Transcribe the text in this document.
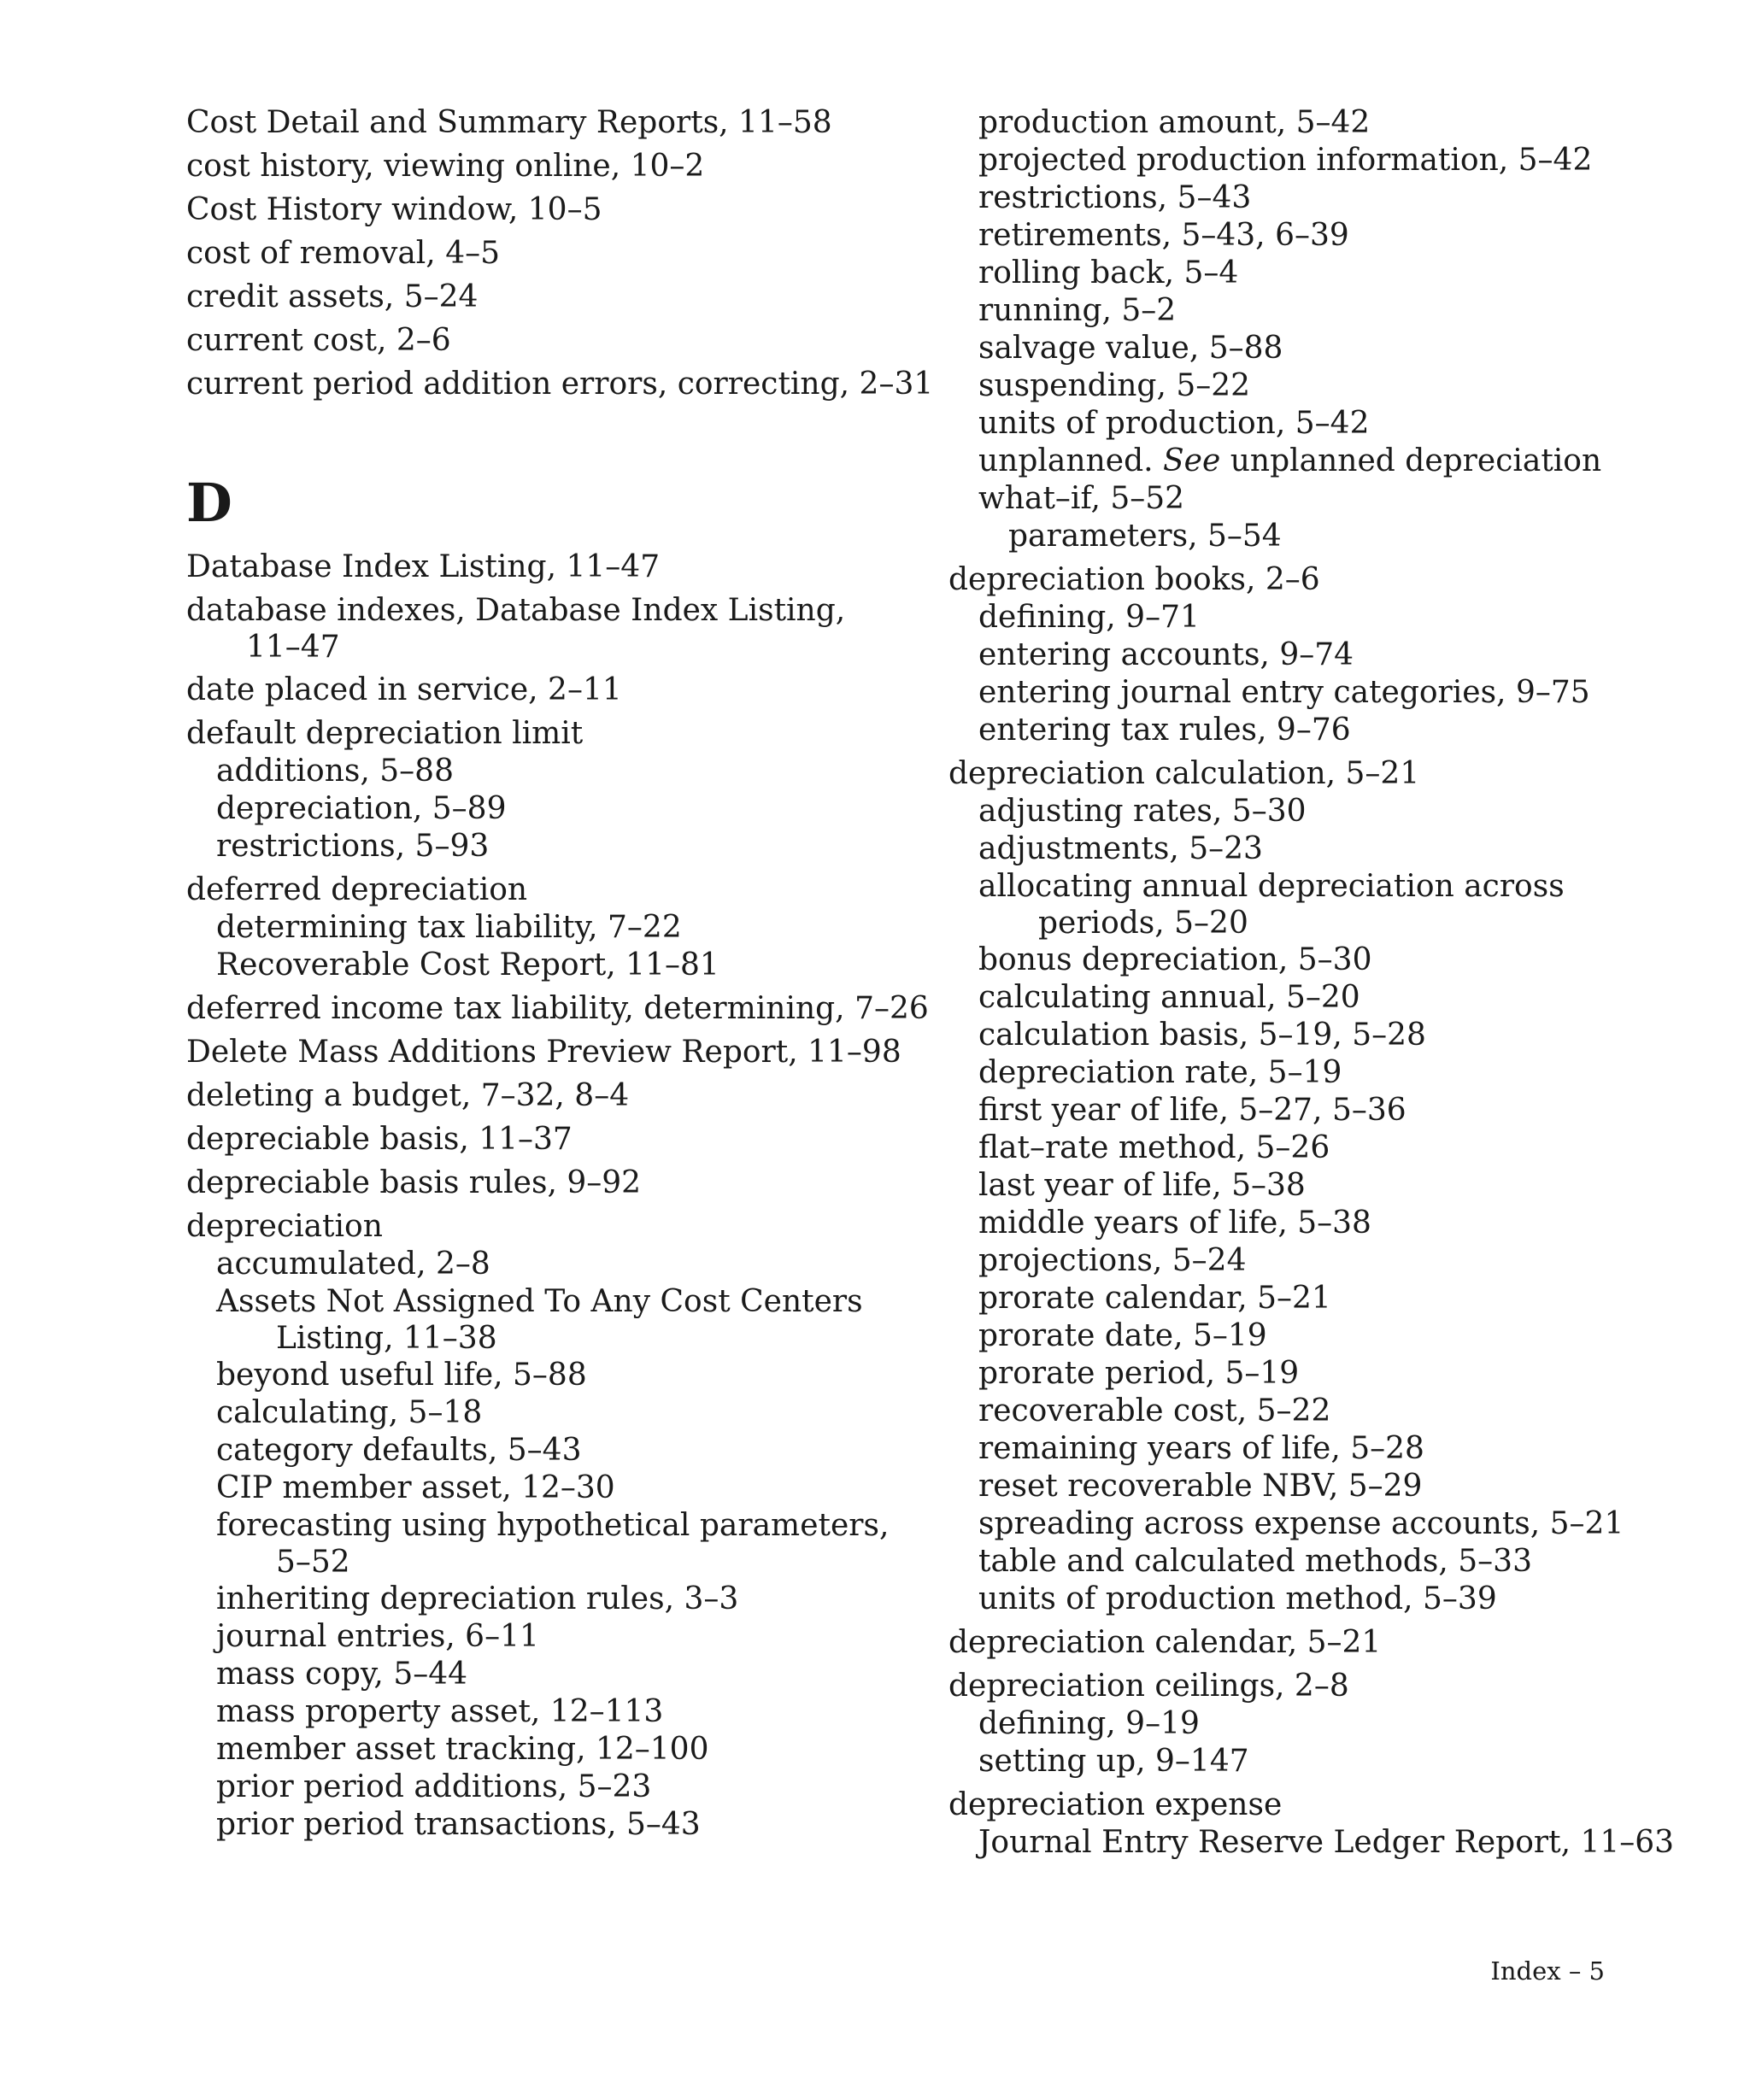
Cost Detail and Summary Reports, 11–58
cost history, viewing online, 10–2
Cost History window, 10–5
cost of removal, 4–5
credit assets, 5–24
current cost, 2–6
current period addition errors, correcting, 2–31
D
Database Index Listing, 11–47
database indexes, Database Index Listing,
11–47
date placed in service, 2–11
default depreciation limit
additions, 5–88
depreciation, 5–89
restrictions, 5–93
deferred depreciation
determining tax liability, 7–22
Recoverable Cost Report, 11–81
deferred income tax liability, determining, 7–26
Delete Mass Additions Preview Report, 11–98
deleting a budget, 7–32, 8–4
depreciable basis, 11–37
depreciable basis rules, 9–92
depreciation
accumulated, 2–8
Assets Not Assigned To Any Cost Centers
Listing, 11–38
beyond useful life, 5–88
calculating, 5–18
category defaults, 5–43
CIP member asset, 12–30
forecasting using hypothetical parameters,
5–52
inheriting depreciation rules, 3–3
journal entries, 6–11
mass copy, 5–44
mass property asset, 12–113
member asset tracking, 12–100
prior period additions, 5–23
prior period transactions, 5–43
production amount, 5–42
projected production information, 5–42
restrictions, 5–43
retirements, 5–43, 6–39
rolling back, 5–4
running, 5–2
salvage value, 5–88
suspending, 5–22
units of production, 5–42
unplanned. See unplanned depreciation
what–if, 5–52
parameters, 5–54
depreciation books, 2–6
defining, 9–71
entering accounts, 9–74
entering journal entry categories, 9–75
entering tax rules, 9–76
depreciation calculation, 5–21
adjusting rates, 5–30
adjustments, 5–23
allocating annual depreciation across
periods, 5–20
bonus depreciation, 5–30
calculating annual, 5–20
calculation basis, 5–19, 5–28
depreciation rate, 5–19
first year of life, 5–27, 5–36
flat–rate method, 5–26
last year of life, 5–38
middle years of life, 5–38
projections, 5–24
prorate calendar, 5–21
prorate date, 5–19
prorate period, 5–19
recoverable cost, 5–22
remaining years of life, 5–28
reset recoverable NBV, 5–29
spreading across expense accounts, 5–21
table and calculated methods, 5–33
units of production method, 5–39
depreciation calendar, 5–21
depreciation ceilings, 2–8
defining, 9–19
setting up, 9–147
depreciation expense
Journal Entry Reserve Ledger Report, 11–63
Index – 5
